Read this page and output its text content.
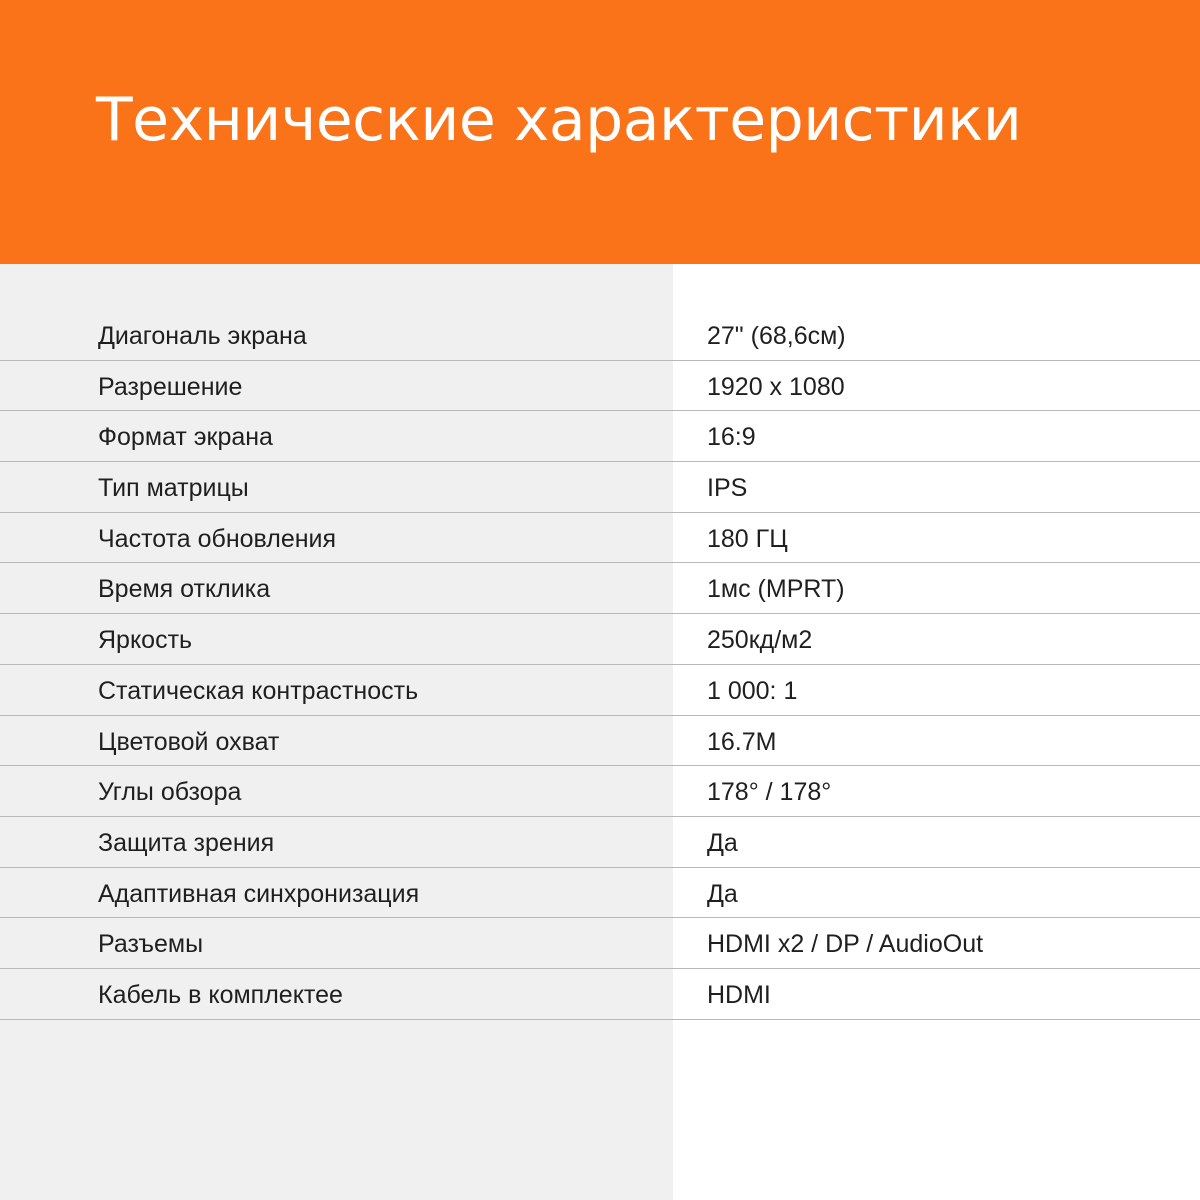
Технические характеристики
Диагональ экрана	27" (68,6см)
Разрешение	1920 x 1080
Формат экрана	16:9
Тип матрицы	IPS
Частота обновления	180 ГЦ
Время отклика	1мс (MPRT)
Яркость	250кд/м2
Статическая контрастность	1 000: 1
Цветовой охват	16.7M
Углы обзора	178° / 178°
Защита зрения	Да
Адаптивная синхронизация	Да
Разъемы	HDMI x2 / DP / AudioOut
Кабель в комплектее	HDMI
